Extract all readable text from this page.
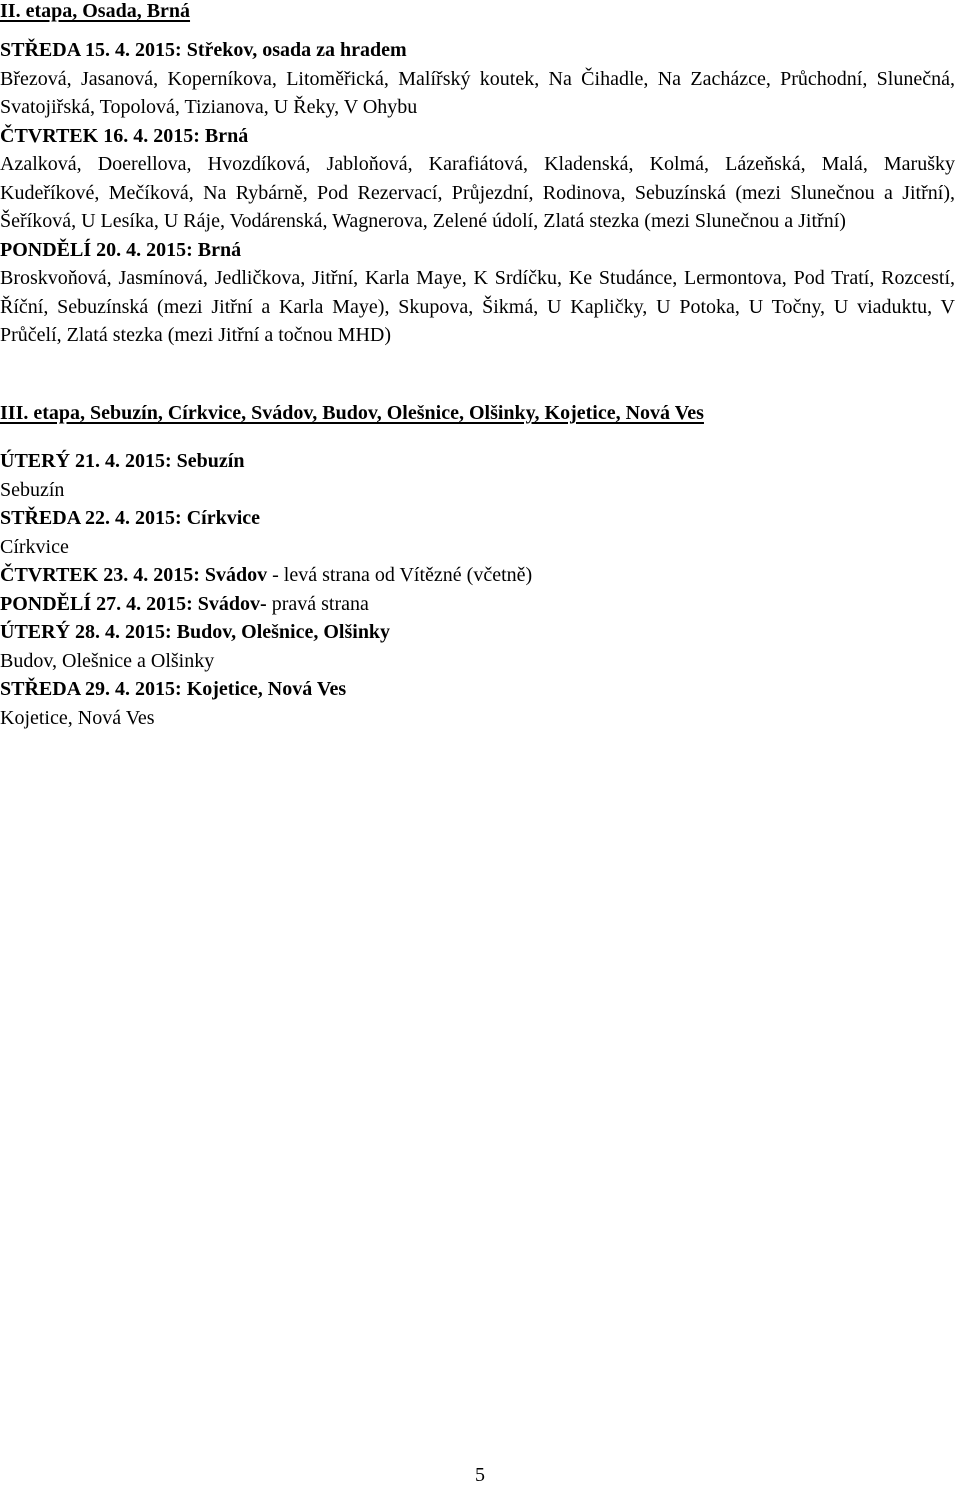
II. etapa, Osada, Brná
STŘEDA 15. 4. 2015: Střekov, osada za hradem
Březová, Jasanová, Koperníkova, Litoměřická, Malířský koutek, Na Čihadle, Na Zacházce, Průchodní, Slunečná, Svatojiřská, Topolová, Tizianova, U Řeky, V Ohybu
ČTVRTEK 16. 4. 2015: Brná
Azalková, Doerellova, Hvozdíková, Jabloňová, Karafiátová, Kladenská, Kolmá, Lázeňská, Malá, Marušky Kudeříkové, Mečíková, Na Rybárně, Pod Rezervací, Průjezdní, Rodinova, Sebuzínská (mezi Slunečnou a Jitřní), Šeříková, U Lesíka, U Ráje, Vodárenská, Wagnerova, Zelené údolí, Zlatá stezka (mezi Slunečnou a Jitřní)
PONDĚLÍ 20. 4. 2015: Brná
Broskvoňová, Jasmínová, Jedličkova, Jitřní, Karla Maye, K Srdíčku, Ke Studánce, Lermontova, Pod Tratí, Rozcestí, Říční, Sebuzínská (mezi Jitřní a Karla Maye), Skupova, Šikmá, U Kapličky, U Potoka, U Točny, U viaduktu, V Průčelí, Zlatá stezka (mezi Jitřní a točnou MHD)
III. etapa, Sebuzín, Církvice, Svádov, Budov, Olešnice, Olšinky, Kojetice, Nová Ves
ÚTERÝ 21. 4. 2015: Sebuzín
Sebuzín
STŘEDA 22. 4. 2015: Církvice
Církvice
ČTVRTEK 23. 4. 2015: Svádov - levá strana od Vítězné (včetně)
PONDĚLÍ 27. 4. 2015: Svádov- pravá strana
ÚTERÝ 28. 4. 2015: Budov, Olešnice, Olšinky
Budov, Olešnice a Olšinky
STŘEDA 29. 4. 2015: Kojetice, Nová Ves
Kojetice, Nová Ves
5
